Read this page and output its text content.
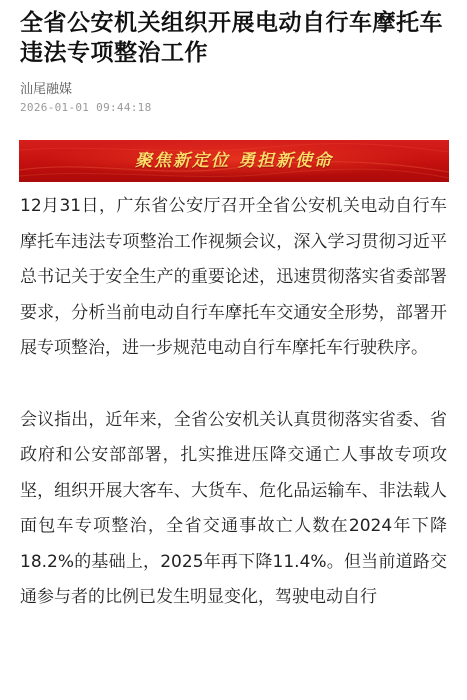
全省公安机关组织开展电动自行车摩托车违法专项整治工作
汕尾融媒
2026-01-01 09:44:18
聚焦新定位 勇担新使命

12月31日，广东省公安厅召开全省公安机关电动自行车摩托车违法专项整治工作视频会议，深入学习贯彻习近平总书记关于安全生产的重要论述，迅速贯彻落实省委部署要求，分析当前电动自行车摩托车交通安全形势，部署开展专项整治，进一步规范电动自行车摩托车行驶秩序。

会议指出，近年来，全省公安机关认真贯彻落实省委、省政府和公安部部署，扎实推进压降交通亡人事故专项攻坚，组织开展大客车、大货车、危化品运输车、非法载人面包车专项整治，全省交通事故亡人数在2024年下降18.2%的基础上，2025年再下降11.4%。但当前道路交通参与者的比例已发生明显变化，驾驶电动自行
